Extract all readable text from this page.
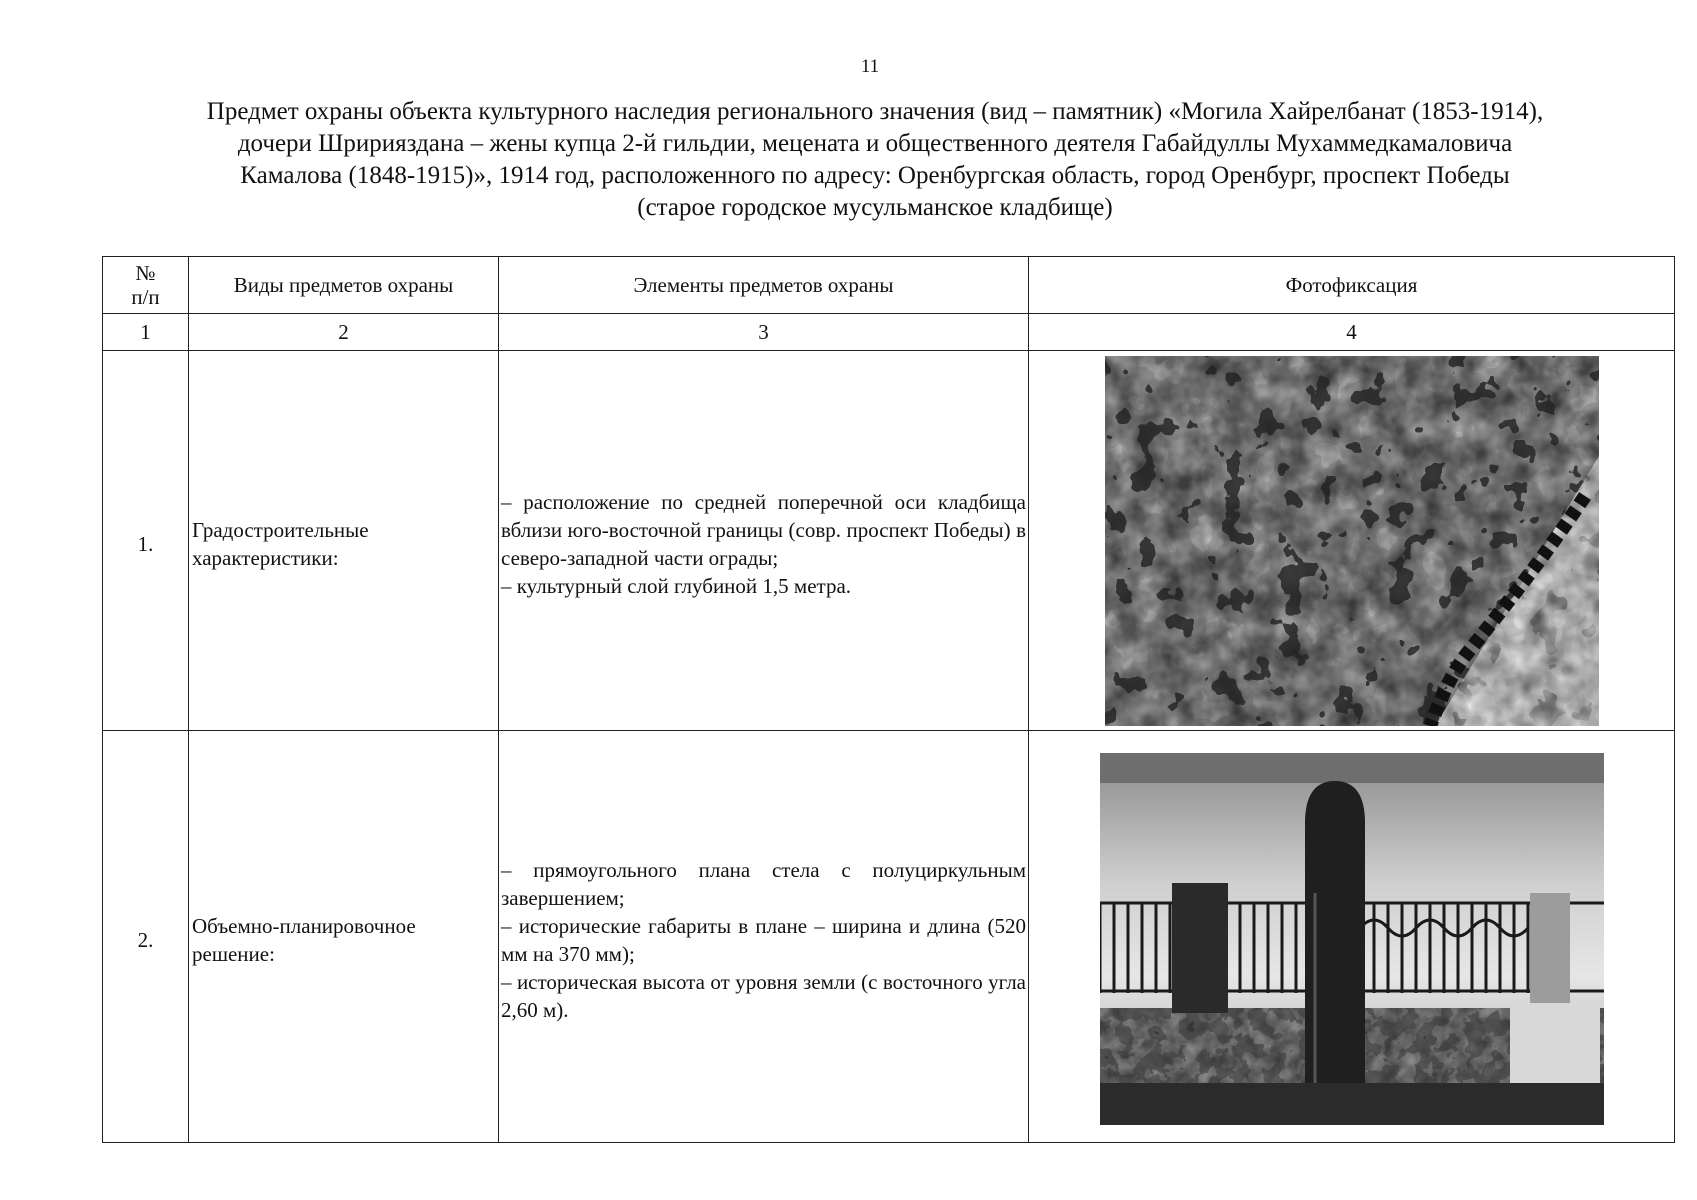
11
Предмет охраны объекта культурного наследия регионального значения (вид – памятник) «Могила Хайрелбанат (1853-1914),
дочери Шририяздана – жены купца 2-й гильдии, мецената и общественного деятеля Габайдуллы Мухаммедкамаловича
Камалова (1848-1915)», 1914 год, расположенного по адресу: Оренбургская область, город Оренбург, проспект Победы
(старое городское мусульманское кладбище)
№
п/п	Виды предметов охраны	Элементы предметов охраны	Фотофиксация
1	2	3	4
1.	Градостроительные характеристики:	– расположение по средней поперечной оси кладбища вблизи юго-восточной границы (совр. проспект Победы) в северо-западной части ограды;
– культурный слой глубиной 1,5 метра.

2.	Объемно-планировочное решение:	– прямоугольного плана стела с полуциркульным завершением;
– исторические габариты в плане – ширина и длина (520 мм на 370 мм);
– историческая высота от уровня земли (с восточного угла 2,60 м).
